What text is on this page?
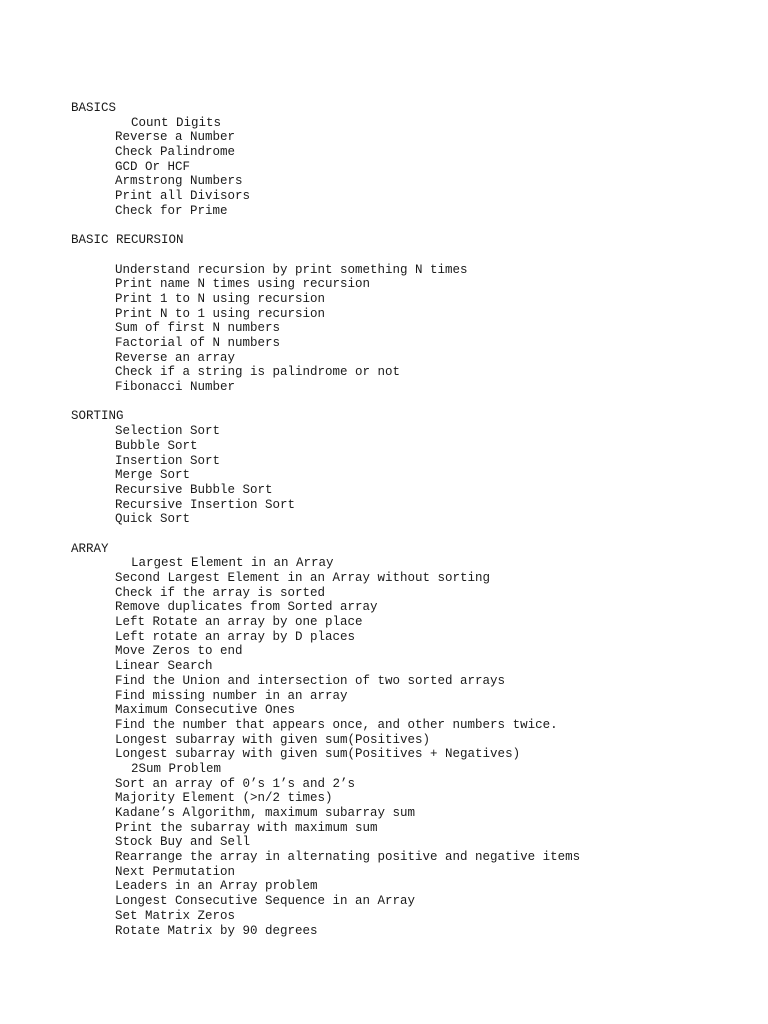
BASICS
Count Digits
Reverse a Number
Check Palindrome
GCD Or HCF
Armstrong Numbers
Print all Divisors
Check for Prime
BASIC RECURSION
Understand recursion by print something N times
Print name N times using recursion
Print 1 to N using recursion
Print N to 1 using recursion
Sum of first N numbers
Factorial of N numbers
Reverse an array
Check if a string is palindrome or not
Fibonacci Number
SORTING
Selection Sort
Bubble Sort
Insertion Sort
Merge Sort
Recursive Bubble Sort
Recursive Insertion Sort
Quick Sort
ARRAY
Largest Element in an Array
Second Largest Element in an Array without sorting
Check if the array is sorted
Remove duplicates from Sorted array
Left Rotate an array by one place
Left rotate an array by D places
Move Zeros to end
Linear Search
Find the Union and intersection of two sorted arrays
Find missing number in an array
Maximum Consecutive Ones
Find the number that appears once, and other numbers twice.
Longest subarray with given sum(Positives)
Longest subarray with given sum(Positives + Negatives)
2Sum Problem
Sort an array of 0’s 1’s and 2’s
Majority Element (>n/2 times)
Kadane’s Algorithm, maximum subarray sum
Print the subarray with maximum sum
Stock Buy and Sell
Rearrange the array in alternating positive and negative items
Next Permutation
Leaders in an Array problem
Longest Consecutive Sequence in an Array
Set Matrix Zeros
Rotate Matrix by 90 degrees
